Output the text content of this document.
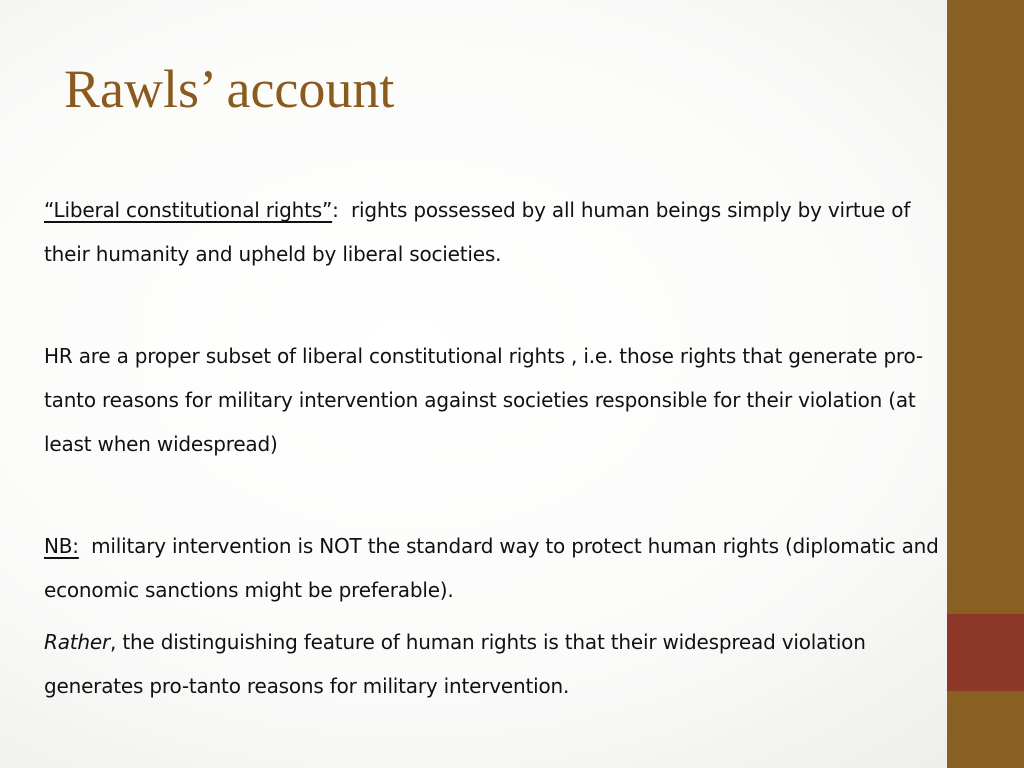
Rawls’ account

“Liberal constitutional rights”:  rights possessed by all human beings simply by virtue of their humanity and upheld by liberal societies.

HR are a proper subset of liberal constitutional rights , i.e. those rights that generate pro-tanto reasons for military intervention against societies responsible for their violation (at least when widespread)

NB:  military intervention is NOT the standard way to protect human rights (diplomatic and economic sanctions might be preferable).

Rather, the distinguishing feature of human rights is that their widespread violation generates pro-tanto reasons for military intervention.
